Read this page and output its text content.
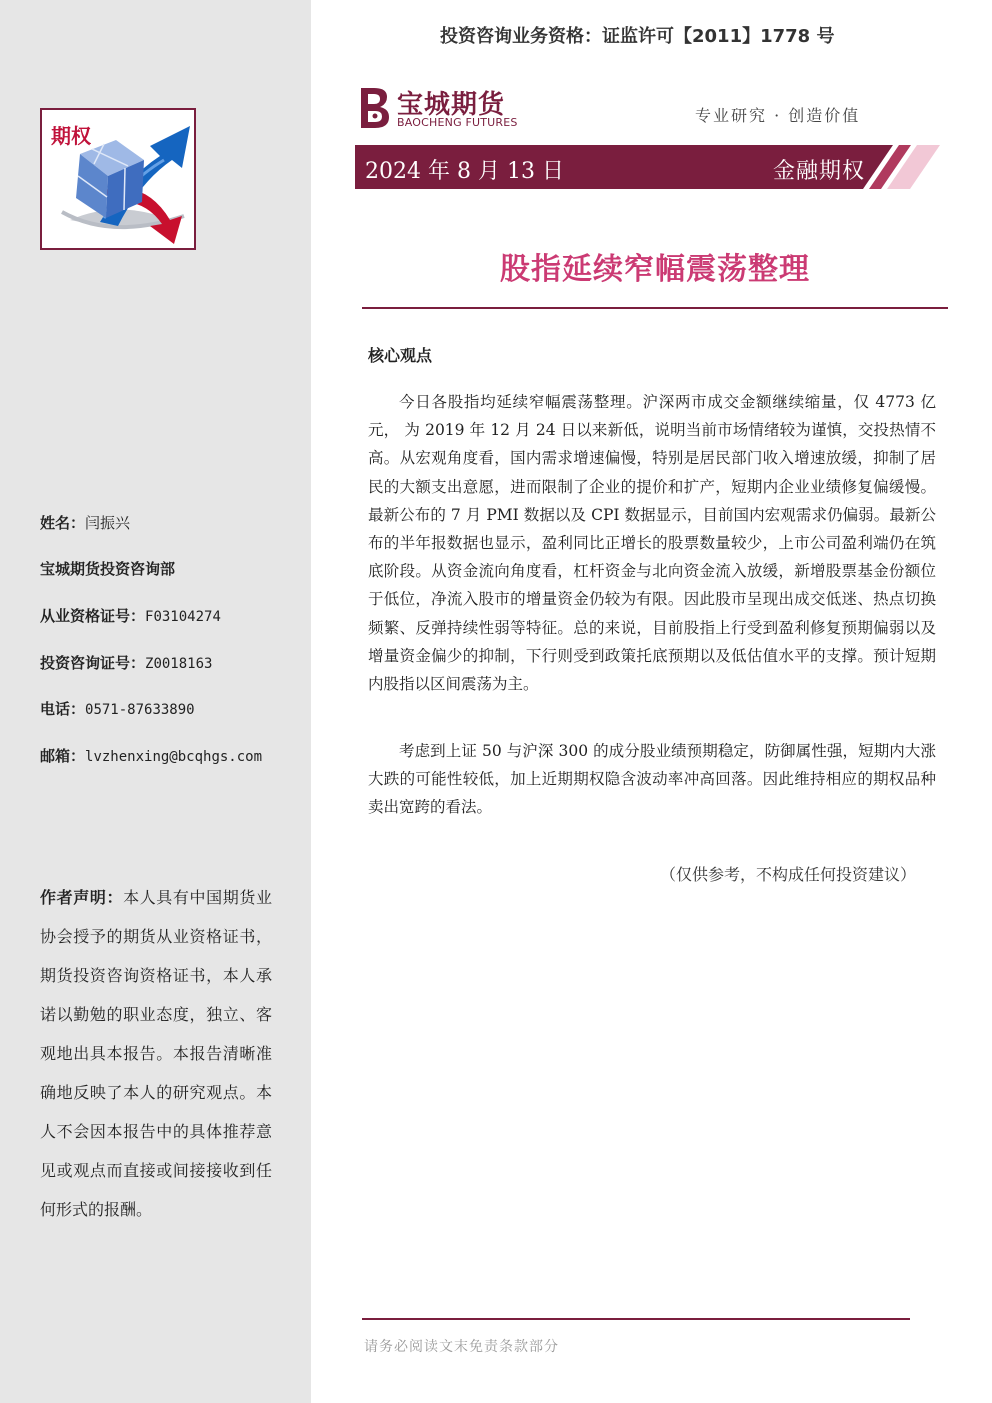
期权
姓名：闫振兴
宝城期货投资咨询部
从业资格证号：F03104274
投资咨询证号：Z0018163
电话：0571-87633890
邮箱：lvzhenxing@bcqhgs.com
作者声明：本人具有中国期货业协会授予的期货从业资格证书，期货投资咨询资格证书，本人承诺以勤勉的职业态度，独立、客观地出具本报告。本报告清晰准确地反映了本人的研究观点。本人不会因本报告中的具体推荐意见或观点而直接或间接接收到任何形式的报酬。
投资咨询业务资格：证监许可【2011】1778 号
宝城期货
BAOCHENG FUTURES	专业研究 · 创造价值
2024 年 8 月 13 日	金融期权
股指延续窄幅震荡整理
核心观点

今日各股指均延续窄幅震荡整理。沪深两市成交金额继续缩量，仅 4773 亿元， 为 2019 年 12 月 24 日以来新低，说明当前市场情绪较为谨慎，交投热情不高。从宏观角度看，国内需求增速偏慢，特别是居民部门收入增速放缓，抑制了居民的大额支出意愿，进而限制了企业的提价和扩产，短期内企业业绩修复偏缓慢。最新公布的 7 月 PMI 数据以及 CPI 数据显示，目前国内宏观需求仍偏弱。最新公布的半年报数据也显示，盈利同比正增长的股票数量较少，上市公司盈利端仍在筑底阶段。从资金流向角度看，杠杆资金与北向资金流入放缓，新增股票基金份额位于低位，净流入股市的增量资金仍较为有限。因此股市呈现出成交低迷、热点切换频繁、反弹持续性弱等特征。总的来说，目前股指上行受到盈利修复预期偏弱以及增量资金偏少的抑制，下行则受到政策托底预期以及低估值水平的支撑。预计短期内股指以区间震荡为主。

考虑到上证 50 与沪深 300 的成分股业绩预期稳定，防御属性强，短期内大涨大跌的可能性较低，加上近期期权隐含波动率冲高回落。因此维持相应的期权品种卖出宽跨的看法。

（仅供参考，不构成任何投资建议）
请务必阅读文末免责条款部分
